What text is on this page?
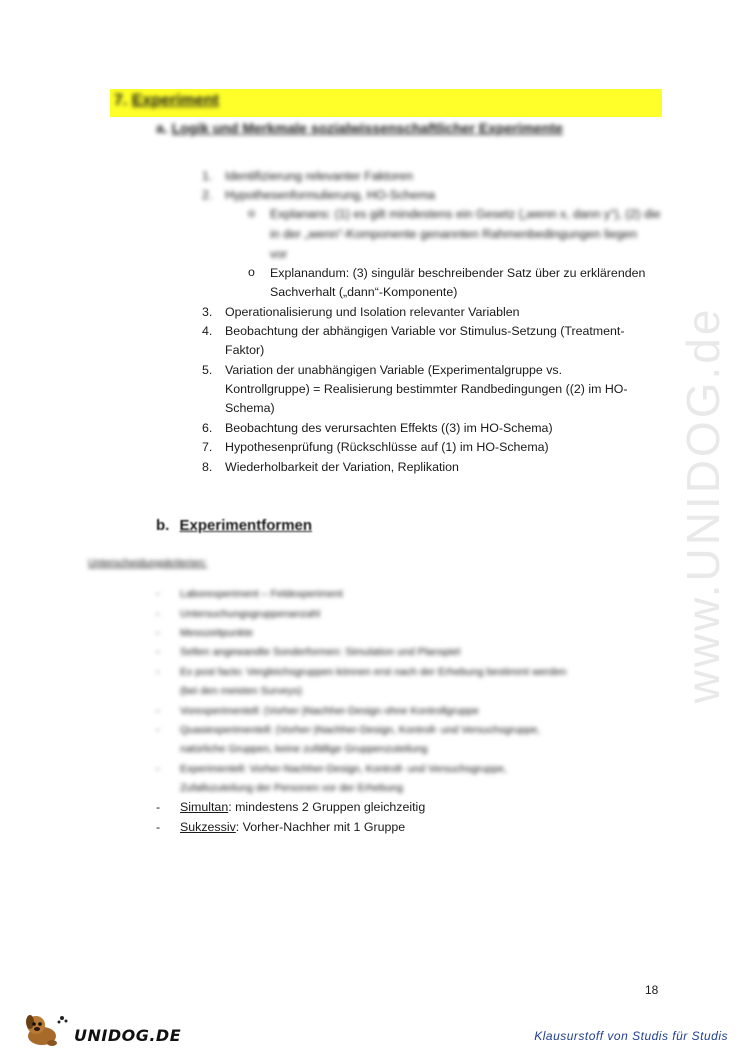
www.UNIDOG.de
7. Experiment
a. Logik und Merkmale sozialwissenschaftlicher Experimente
1. Identifizierung relevanter Faktoren
2. Hypothesenformulierung, HO-Schema
o Explanans: (1) es gilt mindestens ein Gesetz („wenn x, dann y“), (2) die
in der „wenn“-Komponente genannten Rahmenbedingungen liegen
vor
o Explanandum: (3) singulär beschreibender Satz über zu erklärenden
Sachverhalt („dann“-Komponente)
3. Operationalisierung und Isolation relevanter Variablen
4. Beobachtung der abhängigen Variable vor Stimulus-Setzung (Treatment-
Faktor)
5. Variation der unabhängigen Variable (Experimentalgruppe vs.
Kontrollgruppe) = Realisierung bestimmter Randbedingungen ((2) im HO-
Schema)
6. Beobachtung des verursachten Effekts ((3) im HO-Schema)
7. Hypothesenprüfung (Rückschlüsse auf (1) im HO-Schema)
8. Wiederholbarkeit der Variation, Replikation
b. Experimentformen
Unterscheidungskriterien:
- Laborexperiment – Feldexperiment
- Untersuchungsgruppenanzahl
- Messzeitpunkte
- Selten angewandte Sonderformen: Simulation und Planspiel
- Ex post facto: Vergleichsgruppen können erst nach der Erhebung bestimmt werden
(bei den meisten Surveys)
- Vorexperimentell: (Vorher-)Nachher-Design ohne Kontrollgruppe
- Quasiexperimentell: (Vorher-)Nachher-Design, Kontroll- und Versuchsgruppe,
natürliche Gruppen, keine zufällige Gruppenzuteilung
- Experimentell: Vorher-Nachher-Design, Kontroll- und Versuchsgruppe,
Zufallszuteilung der Personen vor der Erhebung
- Simultan: mindestens 2 Gruppen gleichzeitig
- Sukzessiv: Vorher-Nachher mit 1 Gruppe
18
UNIDOG.DE	Klausurstoff von Studis für Studis
